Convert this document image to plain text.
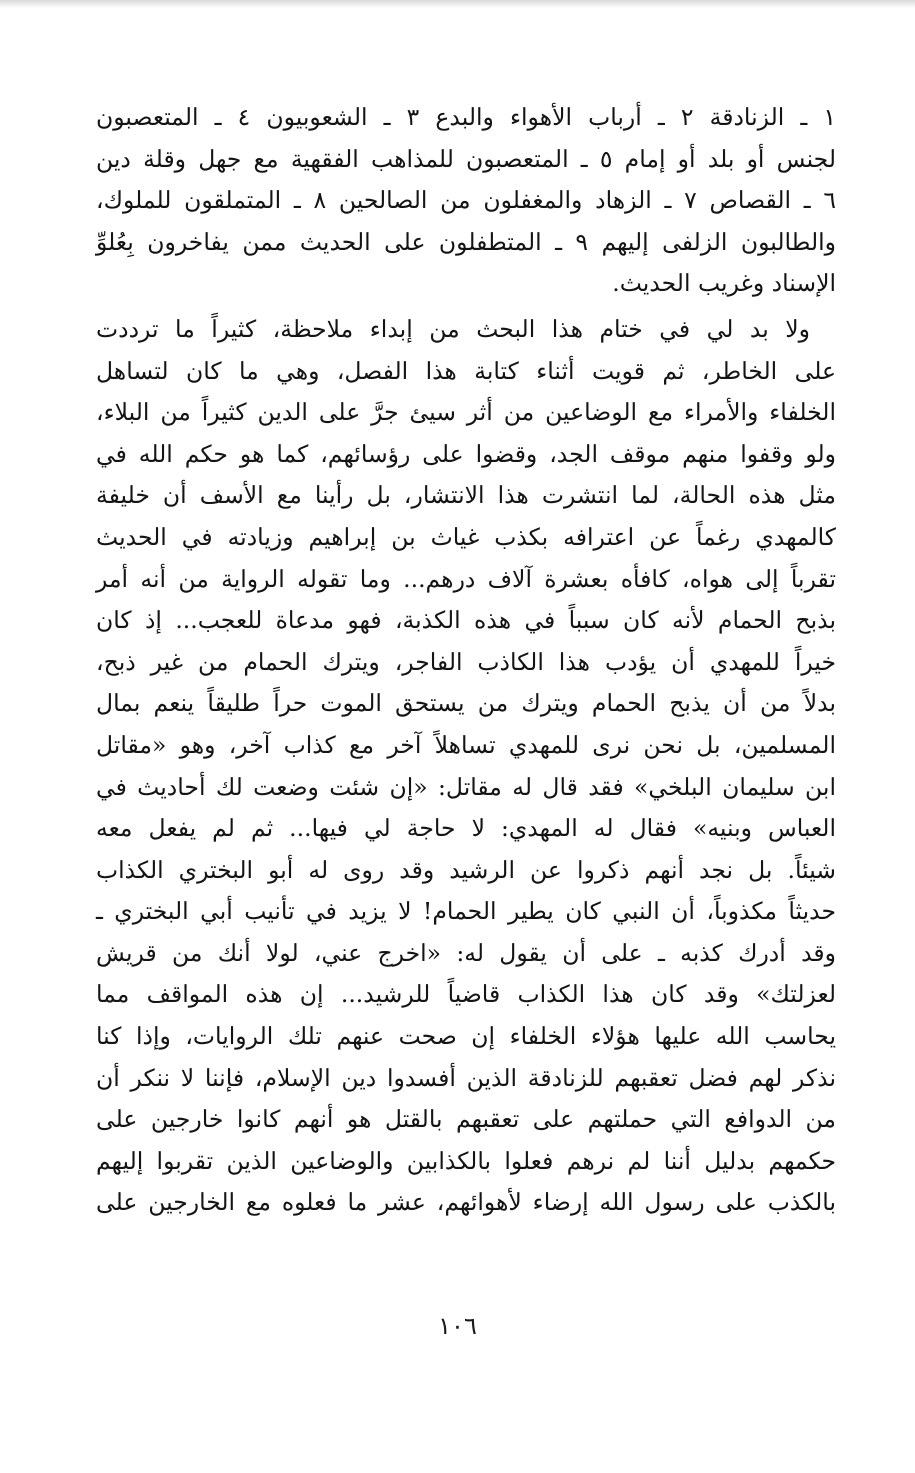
١ ـ الزنادقة ٢ ـ أرباب الأهواء والبدع ٣ ـ الشعوبيون ٤ ـ المتعصبون
لجنس أو بلد أو إمام ٥ ـ المتعصبون للمذاهب الفقهية مع جهل وقلة دين
٦ ـ القصاص ٧ ـ الزهاد والمغفلون من الصالحين ٨ ـ المتملقون للملوك،
والطالبون الزلفى إليهم ٩ ـ المتطفلون على الحديث ممن يفاخرون بِعُلوِّ
الإسناد وغريب الحديث.
ولا بد لي في ختام هذا البحث من إبداء ملاحظة، كثيراً ما ترددت
على الخاطر، ثم قويت أثناء كتابة هذا الفصل، وهي ما كان لتساهل
الخلفاء والأمراء مع الوضاعين من أثر سيئ جرَّ على الدين كثيراً من البلاء،
ولو وقفوا منهم موقف الجد، وقضوا على رؤسائهم، كما هو حكم الله في
مثل هذه الحالة، لما انتشرت هذا الانتشار، بل رأينا مع الأسف أن خليفة
كالمهدي رغماً عن اعترافه بكذب غياث بن إبراهيم وزيادته في الحديث
تقرباً إلى هواه، كافأه بعشرة آلاف درهم... وما تقوله الرواية من أنه أمر
بذبح الحمام لأنه كان سبباً في هذه الكذبة، فهو مدعاة للعجب... إذ كان
خيراً للمهدي أن يؤدب هذا الكاذب الفاجر، ويترك الحمام من غير ذبح،
بدلاً من أن يذبح الحمام ويترك من يستحق الموت حراً طليقاً ينعم بمال
المسلمين، بل نحن نرى للمهدي تساهلاً آخر مع كذاب آخر، وهو «مقاتل
ابن سليمان البلخي» فقد قال له مقاتل: «إن شئت وضعت لك أحاديث في
العباس وبنيه» فقال له المهدي: لا حاجة لي فيها... ثم لم يفعل معه
شيئاً. بل نجد أنهم ذكروا عن الرشيد وقد روى له أبو البختري الكذاب
حديثاً مكذوباً، أن النبي كان يطير الحمام! لا يزيد في تأنيب أبي البختري ـ
وقد أدرك كذبه ـ على أن يقول له: «اخرج عني، لولا أنك من قريش
لعزلتك» وقد كان هذا الكذاب قاضياً للرشيد... إن هذه المواقف مما
يحاسب الله عليها هؤلاء الخلفاء إن صحت عنهم تلك الروايات، وإذا كنا
نذكر لهم فضل تعقبهم للزنادقة الذين أفسدوا دين الإسلام، فإننا لا ننكر أن
من الدوافع التي حملتهم على تعقبهم بالقتل هو أنهم كانوا خارجين على
حكمهم بدليل أننا لم نرهم فعلوا بالكذابين والوضاعين الذين تقربوا إليهم
بالكذب على رسول الله إرضاء لأهوائهم، عشر ما فعلوه مع الخارجين على
١٠٦
